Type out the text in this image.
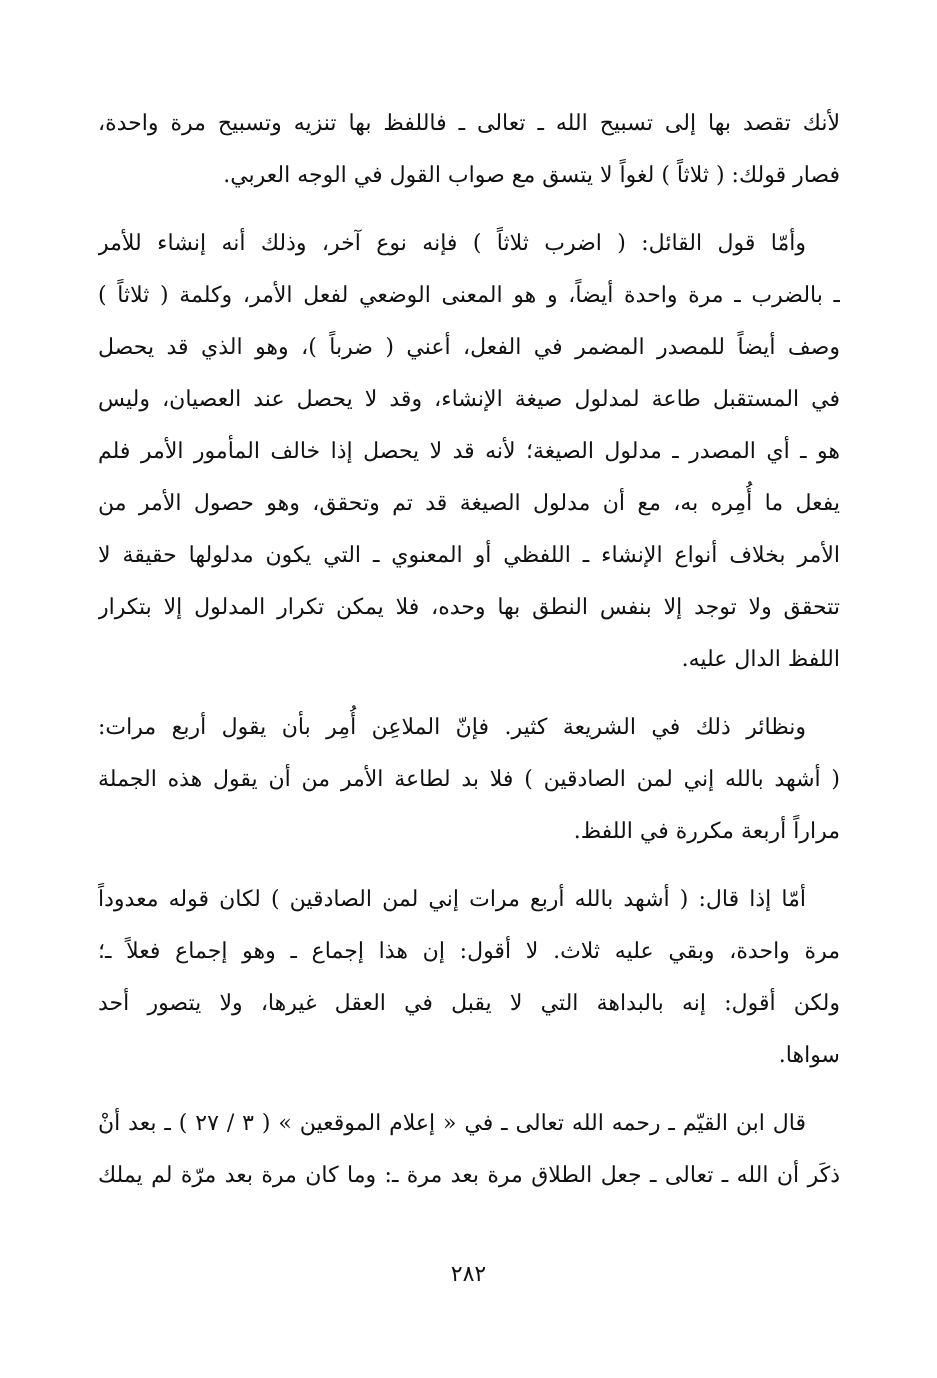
لأنك تقصد بها إلى تسبيح الله ـ تعالى ـ فاللفظ بها تنزيه وتسبيح مرة واحدة،
فصار قولك: ( ثلاثاً ) لغواً لا يتسق مع صواب القول في الوجه العربي.
وأمّا قول القائل: ( اضرب ثلاثاً ) فإنه نوع آخر، وذلك أنه إنشاء للأمر
ـ بالضرب ـ مرة واحدة أيضاً، و هو المعنى الوضعي لفعل الأمر، وكلمة ( ثلاثاً )
وصف أيضاً للمصدر المضمر في الفعل، أعني ( ضرباً )، وهو الذي قد يحصل
في المستقبل طاعة لمدلول صيغة الإنشاء، وقد لا يحصل عند العصيان، وليس
هو ـ أي المصدر ـ مدلول الصيغة؛ لأنه قد لا يحصل إذا خالف المأمور الأمر فلم
يفعل ما أُمِره به، مع أن مدلول الصيغة قد تم وتحقق، وهو حصول الأمر من
الأمر بخلاف أنواع الإنشاء ـ اللفظي أو المعنوي ـ التي يكون مدلولها حقيقة لا
تتحقق ولا توجد إلا بنفس النطق بها وحده، فلا يمكن تكرار المدلول إلا بتكرار
اللفظ الدال عليه.
ونظائر ذلك في الشريعة كثير. فإنّ الملاعِن أُمِر بأن يقول أربع مرات:
( أشهد بالله إني لمن الصادقين ) فلا بد لطاعة الأمر من أن يقول هذه الجملة
مراراً أربعة مكررة في اللفظ.
أمّا إذا قال: ( أشهد بالله أربع مرات إني لمن الصادقين ) لكان قوله معدوداً
مرة واحدة، وبقي عليه ثلاث. لا أقول: إن هذا إجماع ـ وهو إجماع فعلاً ـ؛
ولكن أقول: إنه بالبداهة التي لا يقبل في العقل غيرها، ولا يتصور أحد
سواها.
قال ابن القيّم ـ رحمه الله تعالى ـ في « إعلام الموقعين » ( ٣ / ٢٧ ) ـ بعد أنْ
ذكَر أن الله ـ تعالى ـ جعل الطلاق مرة بعد مرة ـ: وما كان مرة بعد مرّة لم يملك
٢٨٢
